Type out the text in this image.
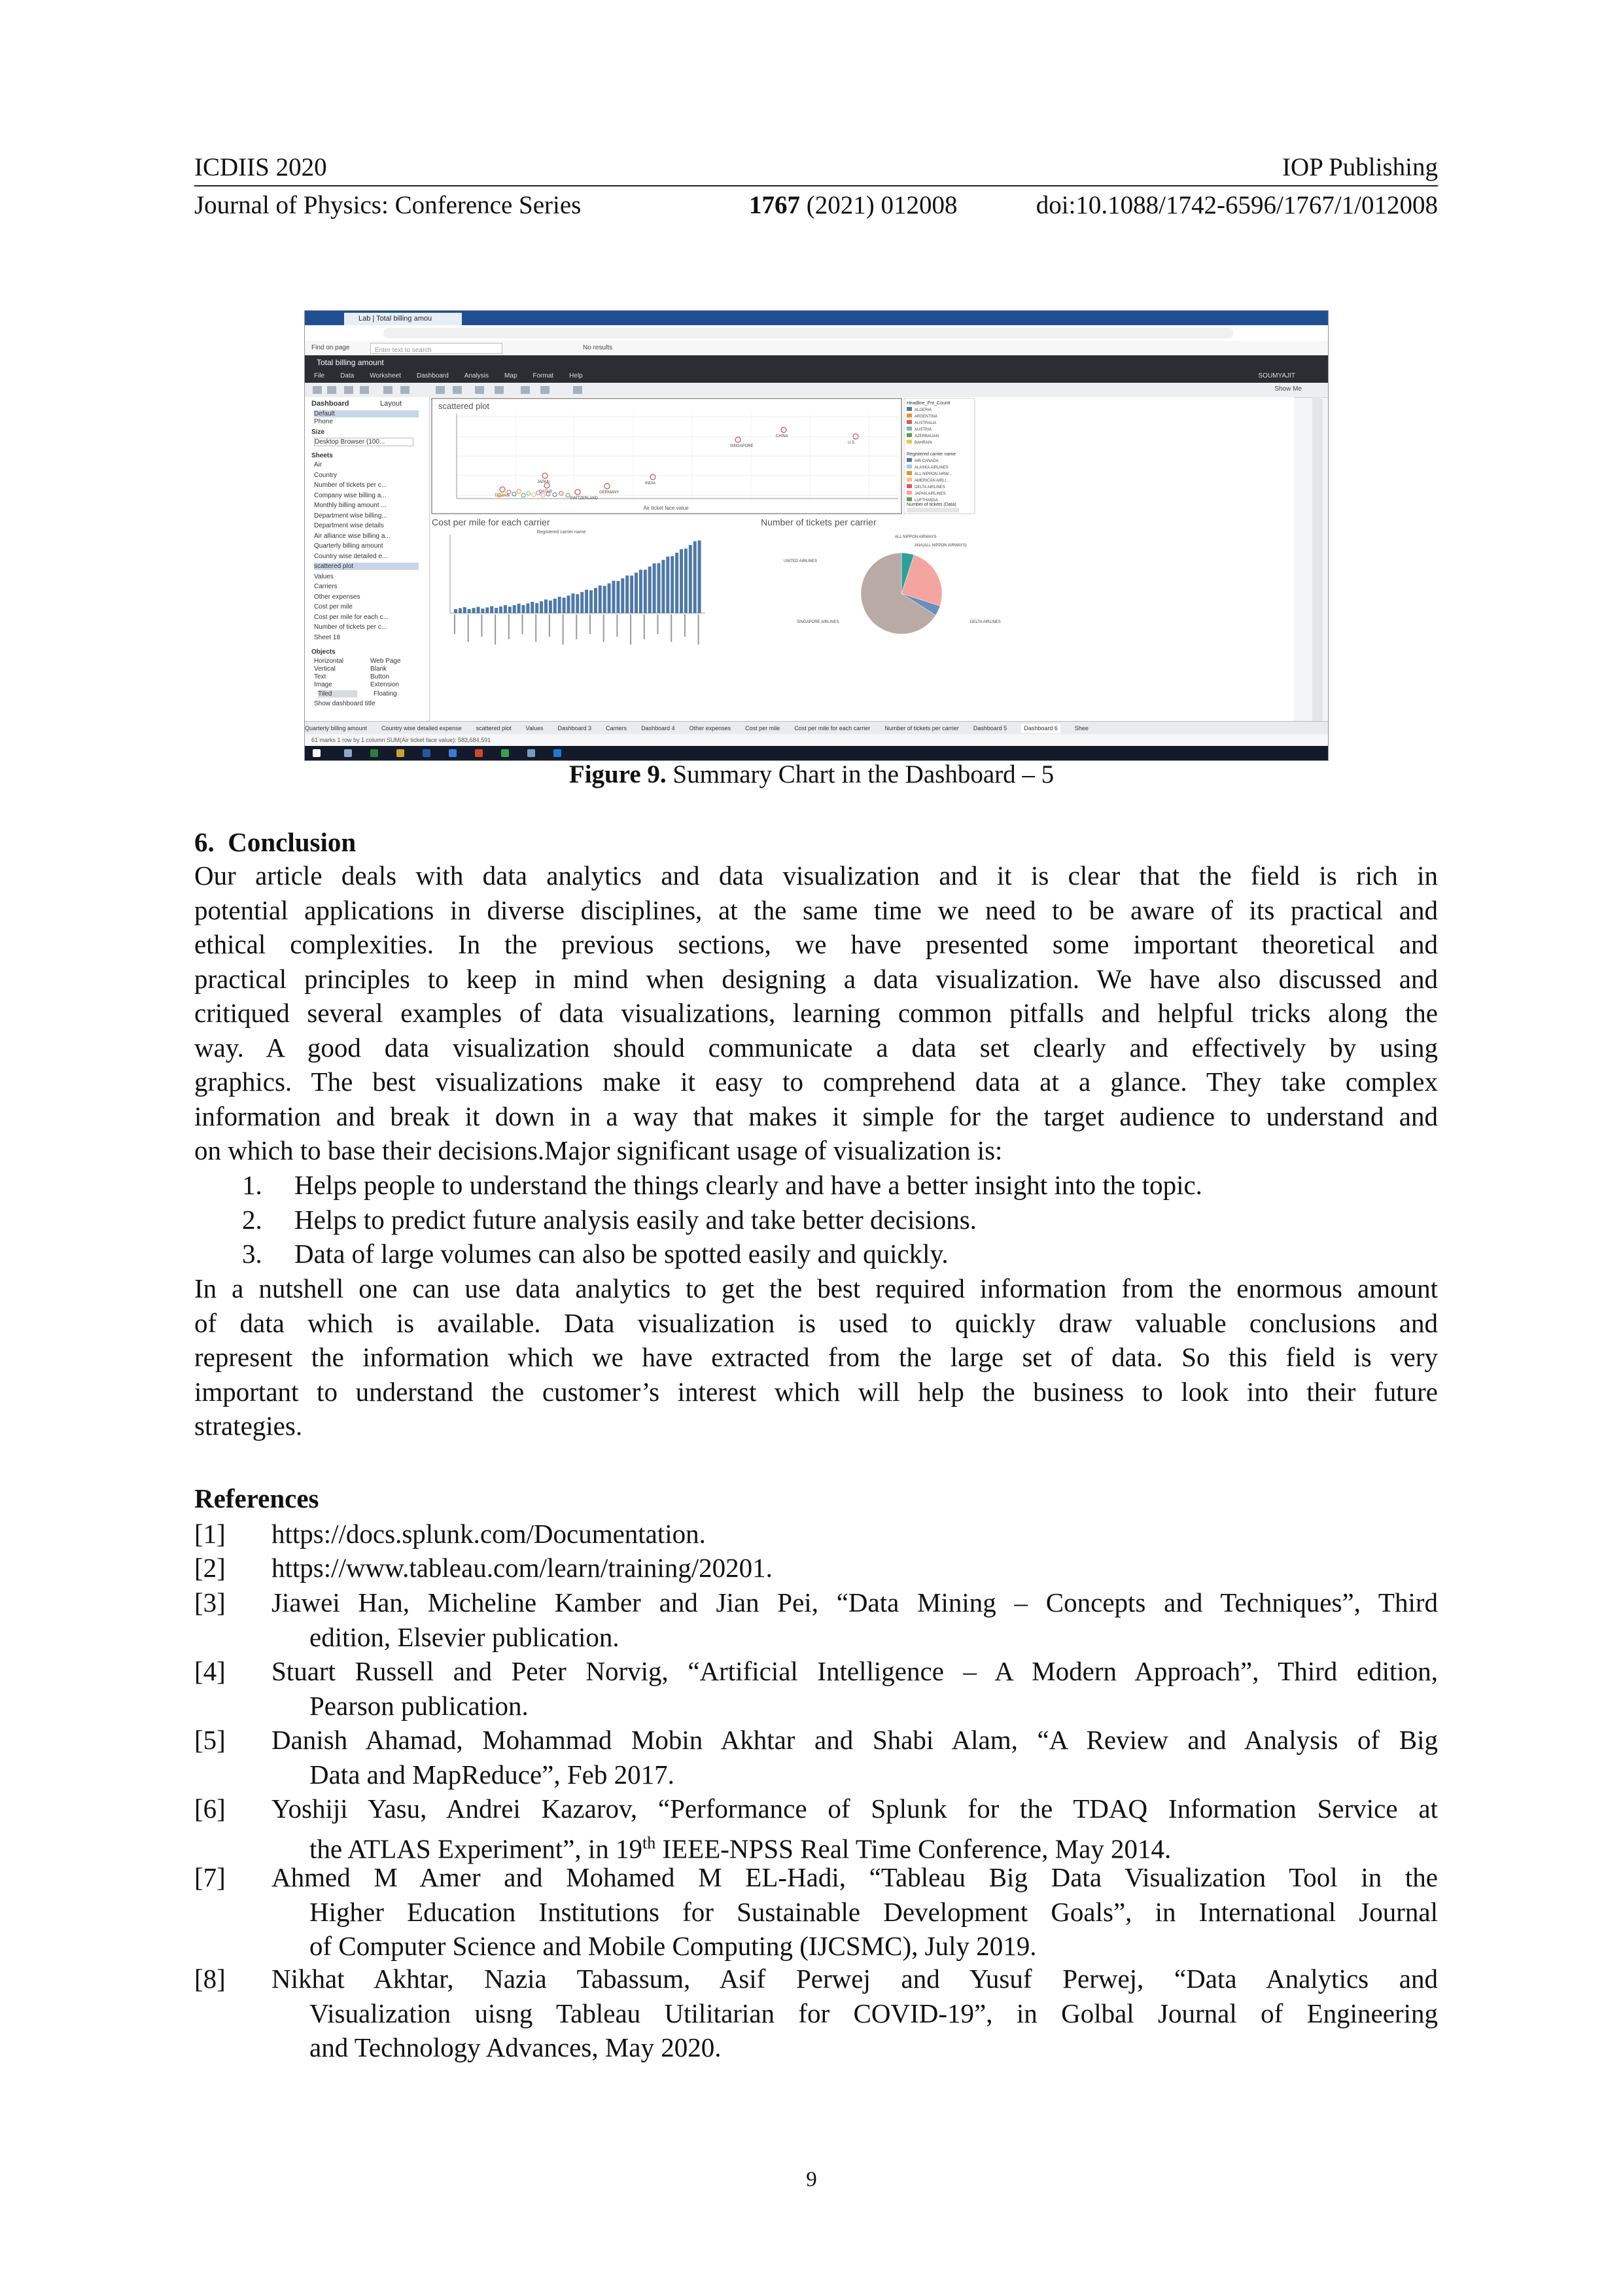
ICDIIS 2020	IOP Publishing
Journal of Physics: Conference Series	1767 (2021) 012008	doi:10.1088/1742-6596/1767/1/012008
Lab | Total billing amou
Find on page	Enter text to search	No results
Total billing amount
File Data Worksheet Dashboard Analysis Map Format Help	SOUMYAJIT
Show Me
Dashboard	Layout
Default
Phone
Size
Desktop Browser (100...
Sheets
Air
Country
Number of tickets per c...
Company wise billing a...
Monthly billing amount ...
Department wise billing...
Department wise details
Air alliance wise billing a...
Quarterly billing amount
Country wise detailed e...
scattered plot
Values
Carriers
Other expenses
Cost per mile
Cost per mile for each c...
Number of tickets per c...
Sheet 18
Objects
Horizontal	Web Page
Vertical	Blank
Text	Button
Image	Extension
Tiled	Floating
Show dashboard title
scattered plot
CHINA
SINGAPORE
U.S.
JAPAN	INDIA
QATAR
TAIWAN
SWITZERLAND
GERMANY
Air ticket face value
Headline_Pnt_Countr
ALGERIA
ARGENTINA
AUSTRALIA
AUSTRIA
AZERBAIJAN
BAHRAIN
Registered carrier name
AIR CANADA
ALASKA AIRLINES
ALL NIPPON AIRW...
AMERICAN AIRLI...
DELTA AIRLINES
JAPAN AIRLINES
LUFTHANSA
Number of tickets (Data)
Cost per mile for each carrier
Registered carrier name
Number of tickets per carrier
ALL NIPPON AIRWAYS
ANA(ALL NIPPON AIRWAYS)
UNITED AIRLINES
SINGAPORE AIRLINES	DELTA AIRLINES
Quarterly billing amount Country wise detailed expense scattered plot Values Dashboard 3 Carriers Dashboard 4 Other expenses Cost per mile Cost per mile for each carrier Number of tickets per carrier Dashboard 5	Dashboard 6	Shee
61 marks 1 row by 1 column SUM(Air ticket face value): 583,684,591
Figure 9. Summary Chart in the Dashboard – 5
6. Conclusion
Our article deals with data analytics and data visualization and it is clear that the field is rich in
potential applications in diverse disciplines, at the same time we need to be aware of its practical and
ethical complexities. In the previous sections, we have presented some important theoretical and
practical principles to keep in mind when designing a data visualization. We have also discussed and
critiqued several examples of data visualizations, learning common pitfalls and helpful tricks along the
way. A good data visualization should communicate a data set clearly and effectively by using
graphics. The best visualizations make it easy to comprehend data at a glance. They take complex
information and break it down in a way that makes it simple for the target audience to understand and
on which to base their decisions.Major significant usage of visualization is:
1. Helps people to understand the things clearly and have a better insight into the topic.
2. Helps to predict future analysis easily and take better decisions.
3. Data of large volumes can also be spotted easily and quickly.
In a nutshell one can use data analytics to get the best required information from the enormous amount
of data which is available. Data visualization is used to quickly draw valuable conclusions and
represent the information which we have extracted from the large set of data. So this field is very
important to understand the customer’s interest which will help the business to look into their future
strategies.
References
[1] https://docs.splunk.com/Documentation.
[2] https://www.tableau.com/learn/training/20201.
[3] Jiawei Han, Micheline Kamber and Jian Pei, “Data Mining – Concepts and Techniques”, Third
edition, Elsevier publication.
[4] Stuart Russell and Peter Norvig, “Artificial Intelligence – A Modern Approach”, Third edition,
Pearson publication.
[5] Danish Ahamad, Mohammad Mobin Akhtar and Shabi Alam, “A Review and Analysis of Big
Data and MapReduce”, Feb 2017.
[6] Yoshiji Yasu, Andrei Kazarov, “Performance of Splunk for the TDAQ Information Service at
the ATLAS Experiment”, in 19th IEEE-NPSS Real Time Conference, May 2014.
[7] Ahmed M Amer and Mohamed M EL-Hadi, “Tableau Big Data Visualization Tool in the
Higher Education Institutions for Sustainable Development Goals”, in International Journal
of Computer Science and Mobile Computing (IJCSMC), July 2019.
[8] Nikhat Akhtar, Nazia Tabassum, Asif Perwej and Yusuf Perwej, “Data Analytics and
Visualization uisng Tableau Utilitarian for COVID-19”, in Golbal Journal of Engineering
and Technology Advances, May 2020.
9
